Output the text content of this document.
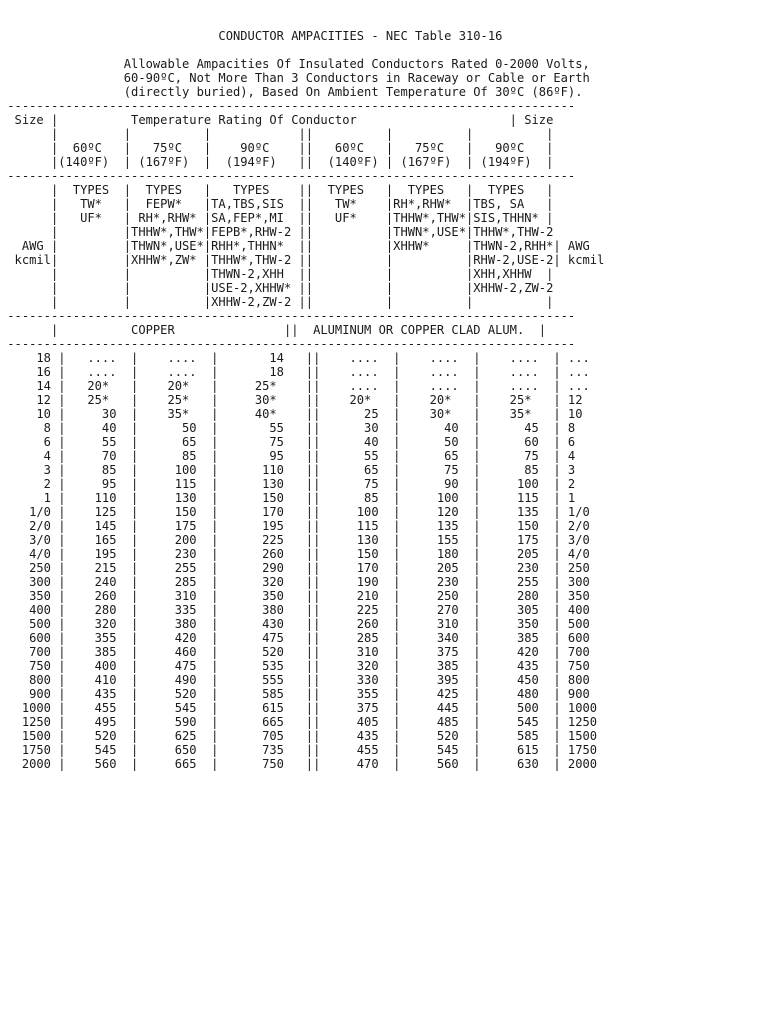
CONDUCTOR AMPACITIES - NEC Table 310-16
Allowable Ampacities Of Insulated Conductors Rated 0-2000 Volts,
60-90ºC, Not More Than 3 Conductors in Raceway or Cable or Earth
(directly buried), Based On Ambient Temperature Of 30ºC (86ºF).
------------------------------------------------------------------------------
Size |          Temperature Rating Of Conductor                     | Size
|         |          |            ||          |          |          |
|  60ºC   |   75ºC   |    90ºC    ||   60ºC   |   75ºC   |   90ºC   |
|(140ºF)  | (167ºF)  |  (194ºF)   ||  (140ºF) | (167ºF)  | (194ºF)  |
------------------------------------------------------------------------------
|  TYPES  |  TYPES   |   TYPES    ||  TYPES   |  TYPES   |  TYPES   |
|   TW*   |  FEPW*   |TA,TBS,SIS  ||   TW*    |RH*,RHW*  |TBS, SA   |
|   UF*   | RH*,RHW* |SA,FEP*,MI  ||   UF*    |THHW*,THW*|SIS,THHN* |
|         |THHW*,THW*|FEPB*,RHW-2 ||          |THWN*,USE*|THHW*,THW-2
AWG |         |THWN*,USE*|RHH*,THHN*  ||          |XHHW*     |THWN-2,RHH*| AWG
kcmil|         |XHHW*,ZW* |THHW*,THW-2 ||          |          |RHW-2,USE-2| kcmil
|         |          |THWN-2,XHH  ||          |          |XHH,XHHW  |
|         |          |USE-2,XHHW* ||          |          |XHHW-2,ZW-2
|         |          |XHHW-2,ZW-2 ||          |          |          |
------------------------------------------------------------------------------
|          COPPER               ||  ALUMINUM OR COPPER CLAD ALUM.  |
------------------------------------------------------------------------------
18 |   ....  |    ....  |       14   ||    ....  |    ....  |    ....  | ...
16 |   ....  |    ....  |       18   ||    ....  |    ....  |    ....  | ...
14 |   20*   |    20*   |     25*    ||    ....  |    ....  |    ....  | ...
12 |   25*   |    25*   |     30*    ||    20*   |    20*   |    25*   | 12
10 |     30  |    35*   |     40*    ||      25  |    30*   |    35*   | 10
8 |     40  |      50  |       55   ||      30  |      40  |      45  | 8
6 |     55  |      65  |       75   ||      40  |      50  |      60  | 6
4 |     70  |      85  |       95   ||      55  |      65  |      75  | 4
3 |     85  |     100  |      110   ||      65  |      75  |      85  | 3
2 |     95  |     115  |      130   ||      75  |      90  |     100  | 2
1 |    110  |     130  |      150   ||      85  |     100  |     115  | 1
1/0 |    125  |     150  |      170   ||     100  |     120  |     135  | 1/0
2/0 |    145  |     175  |      195   ||     115  |     135  |     150  | 2/0
3/0 |    165  |     200  |      225   ||     130  |     155  |     175  | 3/0
4/0 |    195  |     230  |      260   ||     150  |     180  |     205  | 4/0
250 |    215  |     255  |      290   ||     170  |     205  |     230  | 250
300 |    240  |     285  |      320   ||     190  |     230  |     255  | 300
350 |    260  |     310  |      350   ||     210  |     250  |     280  | 350
400 |    280  |     335  |      380   ||     225  |     270  |     305  | 400
500 |    320  |     380  |      430   ||     260  |     310  |     350  | 500
600 |    355  |     420  |      475   ||     285  |     340  |     385  | 600
700 |    385  |     460  |      520   ||     310  |     375  |     420  | 700
750 |    400  |     475  |      535   ||     320  |     385  |     435  | 750
800 |    410  |     490  |      555   ||     330  |     395  |     450  | 800
900 |    435  |     520  |      585   ||     355  |     425  |     480  | 900
1000 |    455  |     545  |      615   ||     375  |     445  |     500  | 1000
1250 |    495  |     590  |      665   ||     405  |     485  |     545  | 1250
1500 |    520  |     625  |      705   ||     435  |     520  |     585  | 1500
1750 |    545  |     650  |      735   ||     455  |     545  |     615  | 1750
2000 |    560  |     665  |      750   ||     470  |     560  |     630  | 2000
